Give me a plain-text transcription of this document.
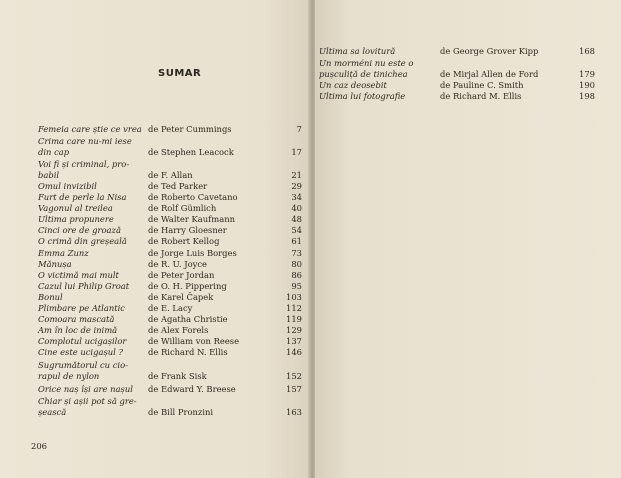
SUMAR
Femeia care știe ce vrea de Peter Cummings	7
Crima care nu-mi iese
din cap	de Stephen Leacock	17
Voi fi și criminal, pro-
babil	de F. Allan	21
Omul invizibil	de Ted Parker	29
Furt de perle la Nisa	de Roberto Cavetano	34
Vagonul al treilea	de Rolf Gümlich	40
Ultima propunere	de Walter Kaufmann	48
Cinci ore de groază	de Harry Gloesner	54
O crimă din greșeală	de Robert Kellog	61
Emma Zunz	de Jorge Luis Borges	73
Mănușa	de R. U. Joyce	80
O victimă mai mult	de Peter Jordan	86
Cazul lui Philip Groat de O. H. Pippering	95
Bonul	de Karel Čapek	103
Plimbare pe Atlantic	de E. Lacy	112
Comoara mascată	de Agatha Christie	119
Am în loc de inimă	de Alex Forels	129
Complotul ucigașilor	de William von Reese	137
Cine este ucigașul ?	de Richard N. Ellis	146
Sugrumătorul cu cio-
rapul de nylon	de Frank Sisk	152
Orice naș își are nașul de Edward Y. Breese	157
Chiar și așii pot să gre-
șească	de Bill Pronzini	163
206
Ultima sa lovitură	de George Grover Kipp	168
Un morméni nu este o
pușculiță de tinichea	de Mirjal Allen de Ford	179
Un caz deosebit	de Pauline C. Smith	190
Ultima lui fotografie	de Richard M. Ellis	198
